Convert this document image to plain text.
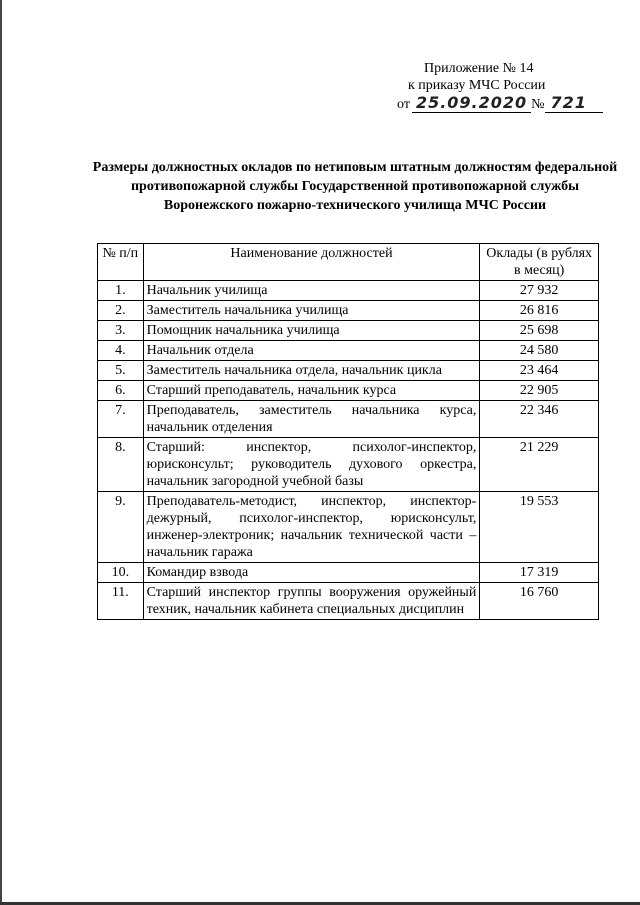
Приложение № 14
к приказу МЧС России
от 25.09.2020 № 721
Размеры должностных окладов по нетиповым штатным должностям федеральной противопожарной службы Государственной противопожарной службы Воронежского пожарно-технического училища МЧС России
№ п/п	Наименование должностей	Оклады (в рублях в месяц)
1.	Начальник училища	27 932
2.	Заместитель начальника училища	26 816
3.	Помощник начальника училища	25 698
4.	Начальник отдела	24 580
5.	Заместитель начальника отдела, начальник цикла	23 464
6.	Старший преподаватель, начальник курса	22 905
7.	Преподаватель, заместитель начальника курса, начальник отделения	22 346
8.	Старший: инспектор, психолог-инспектор, юрисконсульт; руководитель духового оркестра, начальник загородной учебной базы	21 229
9.	Преподаватель-методист, инспектор, инспектор-дежурный, психолог-инспектор, юрисконсульт, инженер-электроник; начальник технической части – начальник гаража	19 553
10.	Командир взвода	17 319
11.	Старший инспектор группы вооружения оружейный техник, начальник кабинета специальных дисциплин	16 760
